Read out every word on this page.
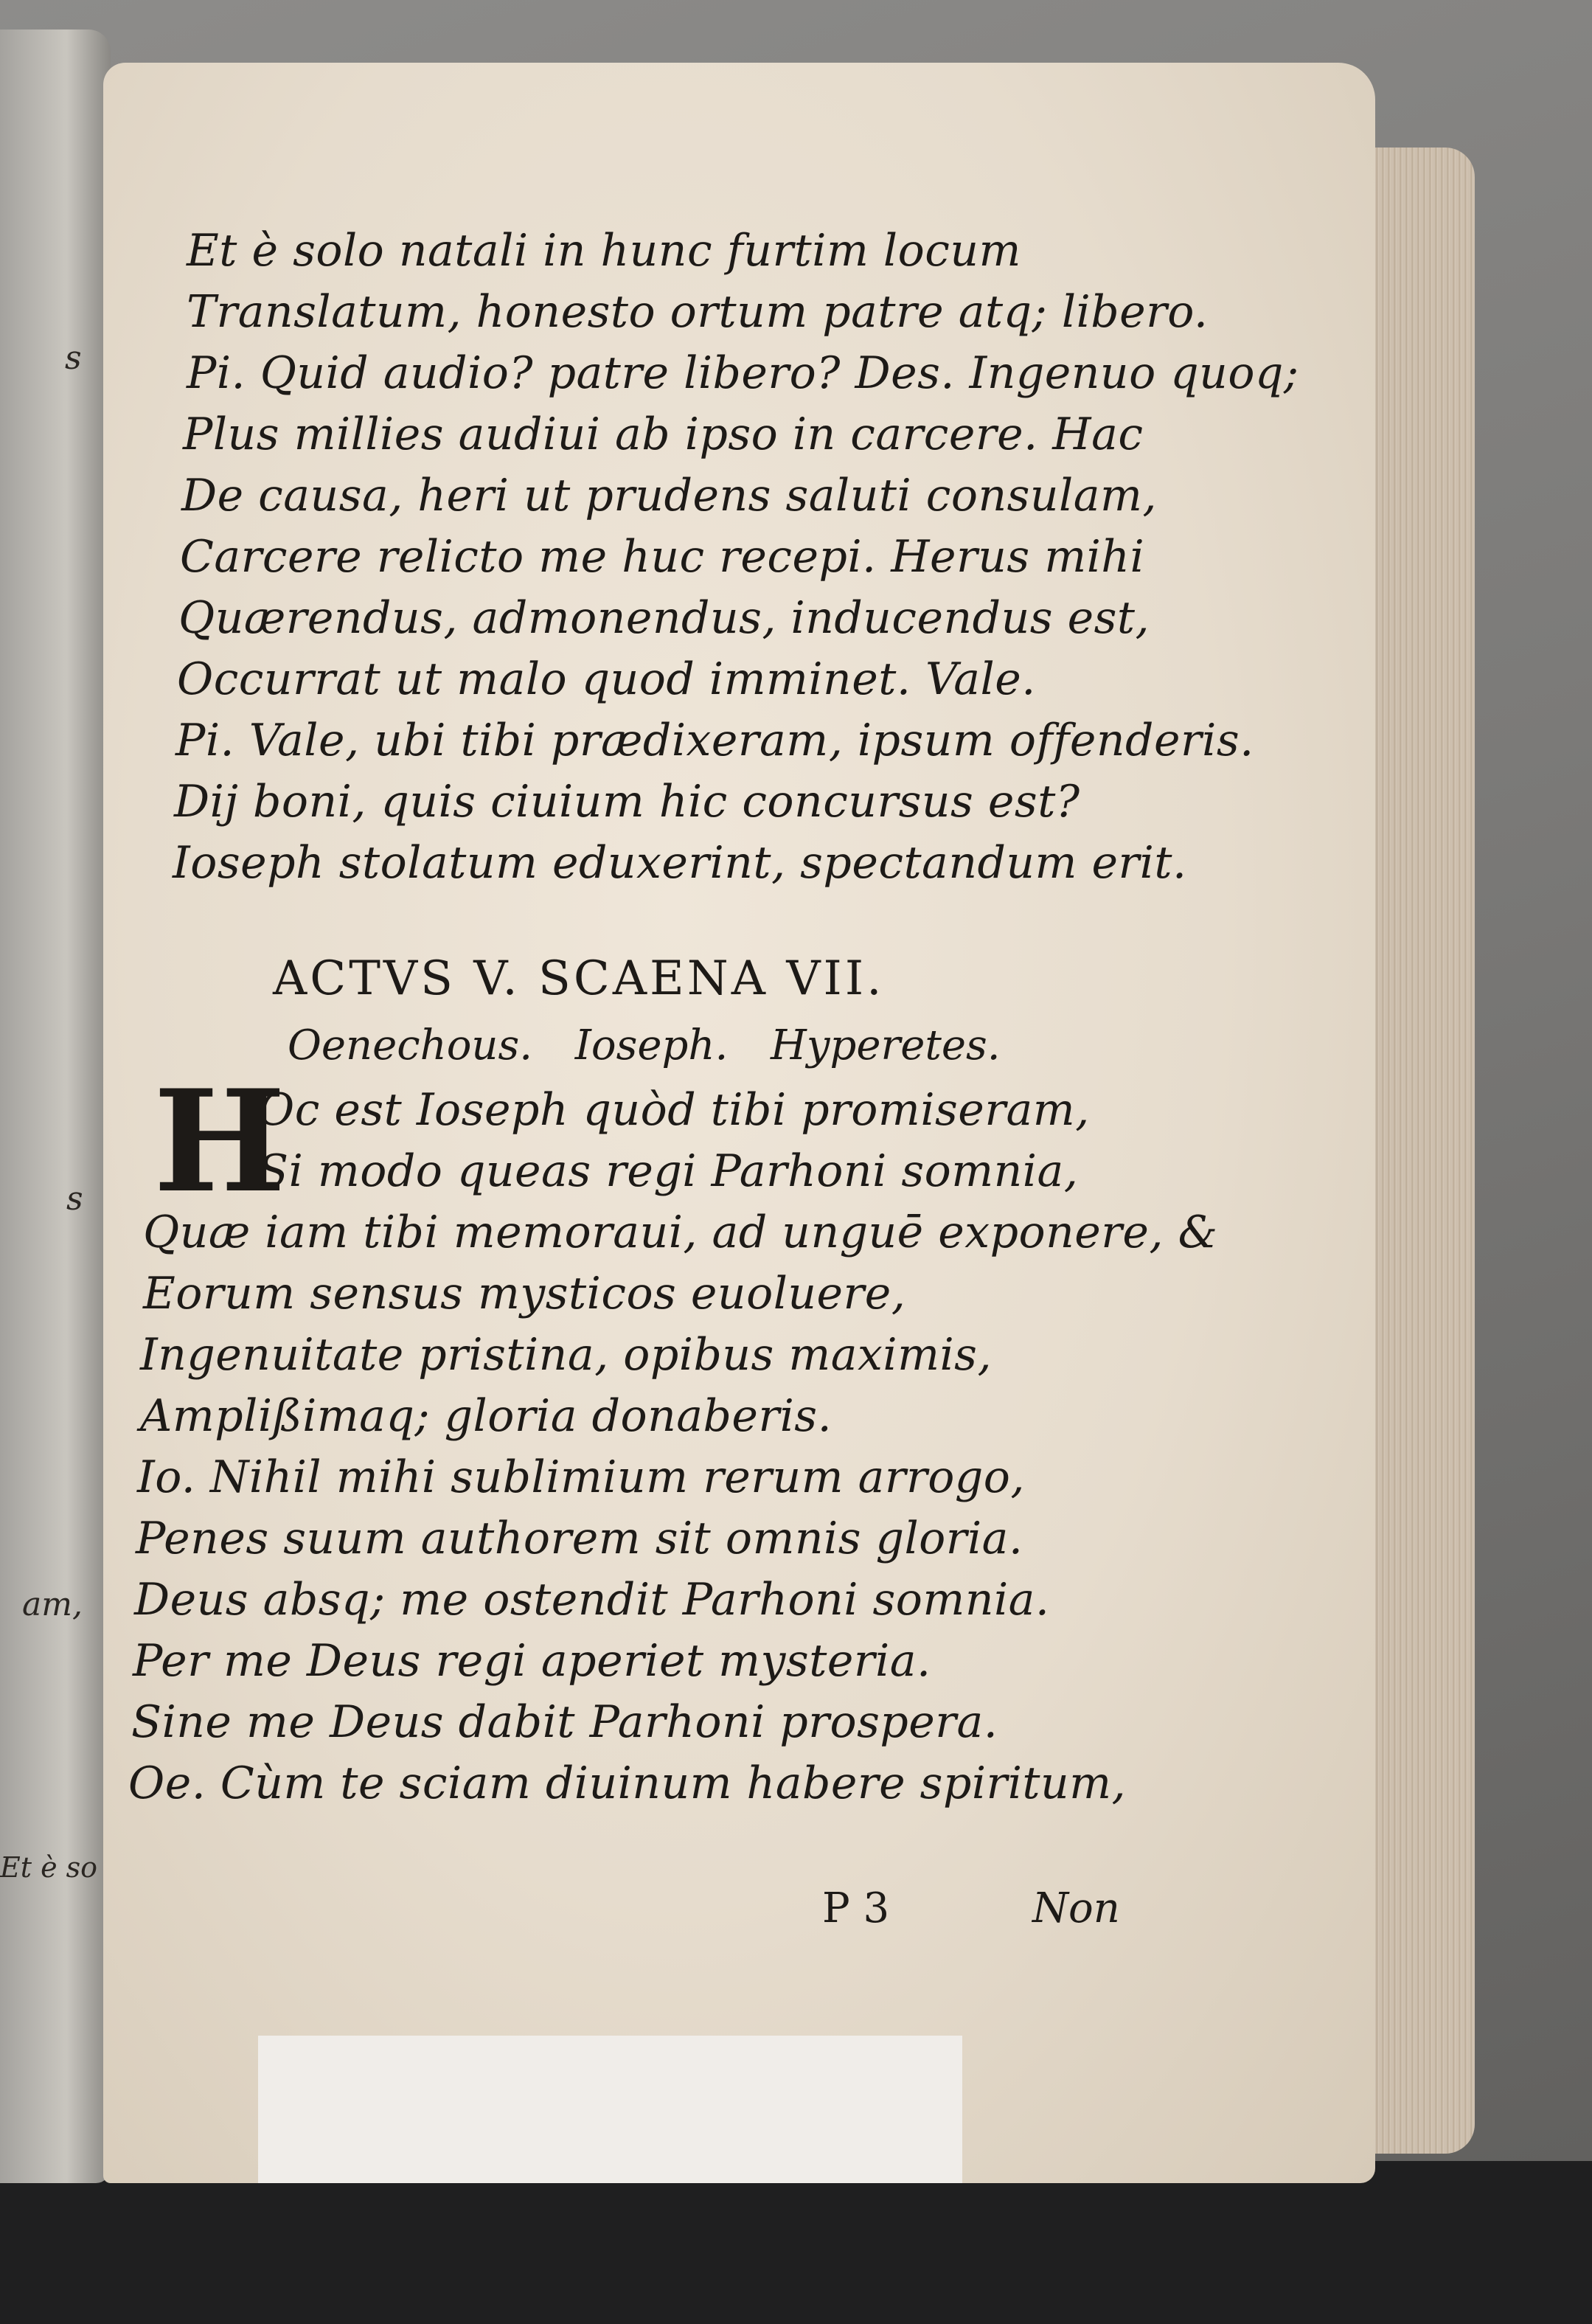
s
s
am,
Et è so
Et è solo natali in hunc furtim locum
Translatum, honesto ortum patre atq; libero.
Pi. Quid audio? patre libero? Des. Ingenuo quoq;
Plus millies audiui ab ipso in carcere. Hac
De causa, heri ut prudens saluti consulam,
Carcere relicto me huc recepi. Herus mihi
Quærendus, admonendus, inducendus est,
Occurrat ut malo quod imminet. Vale.
Pi. Vale, ubi tibi prædixeram, ipsum offenderis.
Dij boni, quis ciuium hic concursus est?
Ioseph stolatum eduxerint, spectandum erit.
ACTVS V. SCAENA VII.
Oenechous. Ioseph. Hyperetes.
H
Oc est Ioseph quòd tibi promiseram,
Si modo queas regi Parhoni somnia,
Quæ iam tibi memoraui, ad unguē exponere, &
Eorum sensus mysticos euoluere,
Ingenuitate pristina, opibus maximis,
Amplißimaq; gloria donaberis.
Io. Nihil mihi sublimium rerum arrogo,
Penes suum authorem sit omnis gloria.
Deus absq; me ostendit Parhoni somnia.
Per me Deus regi aperiet mysteria.
Sine me Deus dabit Parhoni prospera.
Oe. Cùm te sciam diuinum habere spiritum,
P 3	Non
